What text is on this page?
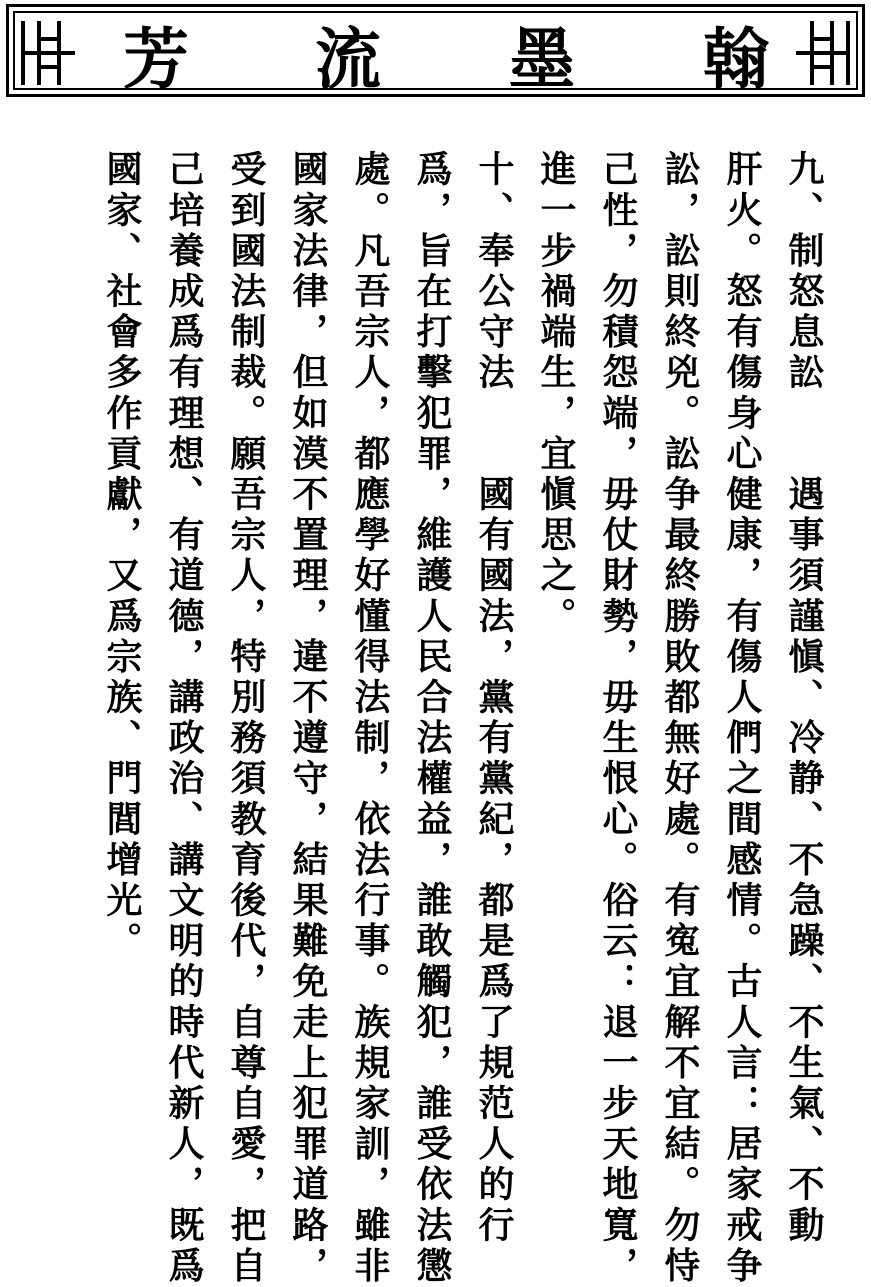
芳 流 墨 翰
九、制怒息訟　　遇事須謹愼、冷静、不急躁、不生氣、不動
肝火。怒有傷身心健康，有傷人們之間感情。古人言：居家戒争
訟，訟則終兇。訟争最終勝敗都無好處。有寃宜解不宜結。勿恃
己性，勿積怨端，毋仗財勢，毋生恨心。俗云：退一步天地寬，
進一步禍端生，宜愼思之。
十、奉公守法　　國有國法，黨有黨紀，都是爲了規范人的行
爲，旨在打擊犯罪，維護人民合法權益，誰敢觸犯，誰受依法懲
處。凡吾宗人，都應學好懂得法制，依法行事。族規家訓，雖非
國家法律，但如漠不置理，違不遵守，結果難免走上犯罪道路，
受到國法制裁。願吾宗人，特別務須教育後代，自尊自愛，把自
己培養成爲有理想、有道德，講政治、講文明的時代新人，既爲
國家、社會多作貢獻，又爲宗族、門閭增光。
